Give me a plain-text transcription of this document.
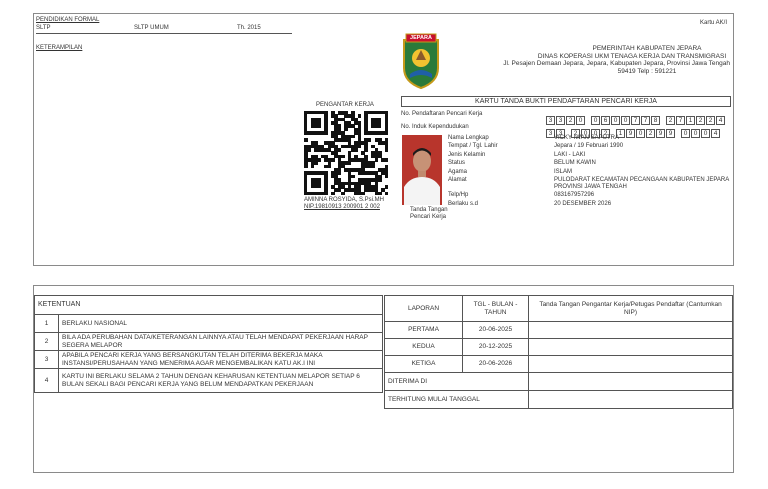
Kartu AK/I
PENDIDIKAN FORMAL
SLTP	SLTP UMUM	Th. 2015
KETERAMPILAN
JEPARA
PEMERINTAH KABUPATEN JEPARA
DINAS KOPERASI UKM TENAGA KERJA DAN TRANSMIGRASI
Jl. Pesajen Demaan Jepara, Jepara, Kabupaten Jepara, Provinsi Jawa Tengah
59419 Telp : 591221
KARTU TANDA BUKTI PENDAFTARAN PENCARI KERJA
No. Pendaftaran Pencari Kerja
3 3 2 0 0 6 0 0 7 7 8 2 7 1 2 2 4
No. Induk Kependudukan
3 3 2 0 0 2 1 9 0 2 9 9 0 0 0 4
PENGANTAR KERJA
AMINNA ROSYIDA, S.Psi.MH
NIP.19810913 200901 2 002	Tanda Tangan
Pencari Kerja
Nama Lengkap	VICKY IWAN SAPUTRA
Tempat / Tgl. Lahir	Jepara / 19 Februari 1990
Jenis Kelamin	LAKI - LAKI
Status	BELUM KAWIN
Agama	ISLAM
Alamat	PULODARAT KECAMATAN PECANGAAN KABUPATEN JEPARA PROVINSI JAWA TENGAH
Telp/Hp	083167957296
Berlaku s.d	20 DESEMBER 2026
KETENTUAN	
1	BERLAKU NASIONAL
2	BILA ADA PERUBAHAN DATA/KETERANGAN LAINNYA ATAU TELAH MENDAPAT PEKERJAAN HARAP SEGERA MELAPOR
3	APABILA PENCARI KERJA YANG BERSANGKUTAN TELAH DITERIMA BEKERJA MAKA INSTANSI/PERUSAHAAN YANG MENERIMA AGAR MENGEMBALIKAN KATU AK.I INI
4	KARTU INI BERLAKU SELAMA 2 TAHUN DENGAN KEHARUSAN KETENTUAN MELAPOR SETIAP 6 BULAN SEKALI BAGI PENCARI KERJA YANG BELUM MENDAPATKAN PEKERJAAN
LAPORAN	TGL - BULAN - TAHUN	Tanda Tangan Pengantar Kerja/Petugas Pendaftar (Cantumkan NIP)
PERTAMA	20-06-2025	
KEDUA	20-12-2025	
KETIGA	20-06-2026	
DITERIMA DI		
TERHITUNG MULAI TANGGAL		
